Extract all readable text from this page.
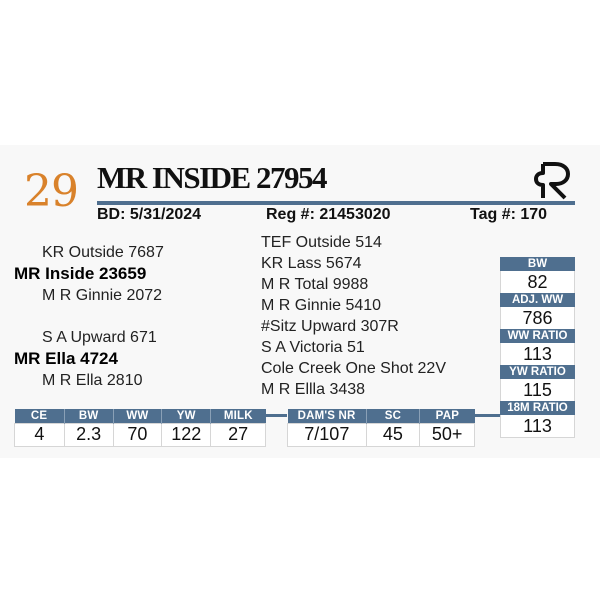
29 MR INSIDE 27954
BD: 5/31/2024	Reg #: 21453020	Tag #: 170
KR Outside 7687
MR Inside 23659
M R Ginnie 2072
S A Upward 671
MR Ella 4724
M R Ella 2810
TEF Outside 514
KR Lass 5674
M R Total 9988
M R Ginnie 5410
#Sitz Upward 307R
S A Victoria 51
Cole Creek One Shot 22V
M R Ellla 3438
CE	BW	WW	YW	MILK
4	2.3	70	122	27
DAM'S NR	SC	PAP
7/107	45	50+
BW
82
ADJ. WW
786
WW RATIO
113
YW RATIO
115
18M RATIO
113
